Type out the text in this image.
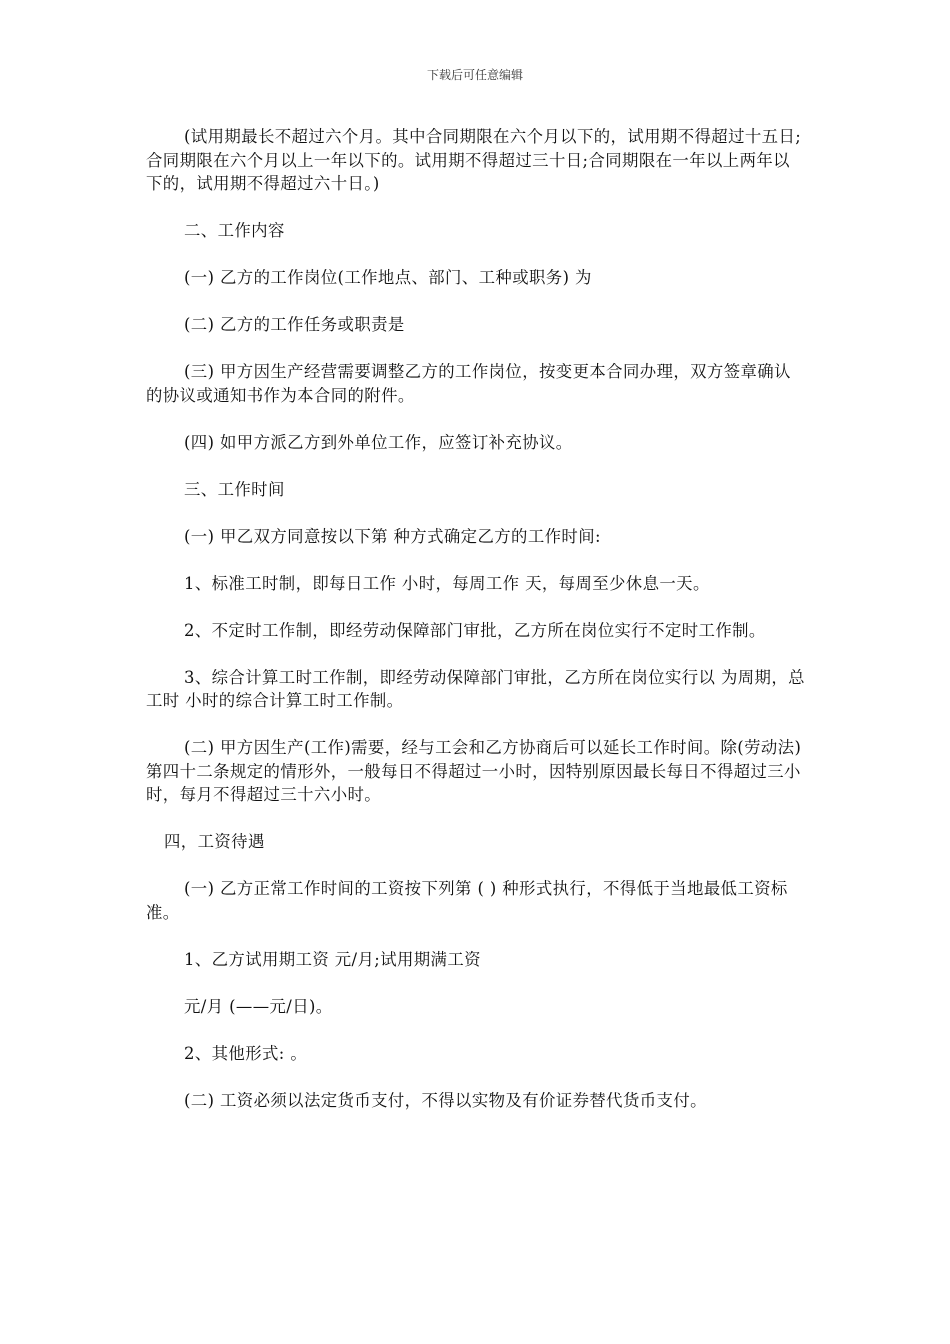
下载后可任意编辑

(试用期最长不超过六个月。其中合同期限在六个月以下的，试用期不得超过十五日;合同期限在六个月以上一年以下的。试用期不得超过三十日;合同期限在一年以上两年以下的，试用期不得超过六十日。)

二、工作内容

(一) 乙方的工作岗位(工作地点、部门、工种或职务) 为

(二) 乙方的工作任务或职责是

(三) 甲方因生产经营需要调整乙方的工作岗位，按变更本合同办理，双方签章确认的协议或通知书作为本合同的附件。

(四) 如甲方派乙方到外单位工作，应签订补充协议。

三、工作时间

(一) 甲乙双方同意按以下第 种方式确定乙方的工作时间:

1、标准工时制，即每日工作 小时，每周工作 天，每周至少休息一天。

2、不定时工作制，即经劳动保障部门审批，乙方所在岗位实行不定时工作制。

3、综合计算工时工作制，即经劳动保障部门审批，乙方所在岗位实行以 为周期，总工时 小时的综合计算工时工作制。

(二) 甲方因生产(工作)需要，经与工会和乙方协商后可以延长工作时间。除(劳动法)第四十二条规定的情形外，一般每日不得超过一小时，因特别原因最长每日不得超过三小时，每月不得超过三十六小时。

四，工资待遇

(一) 乙方正常工作时间的工资按下列第 ( ) 种形式执行，不得低于当地最低工资标准。

1、乙方试用期工资 元/月;试用期满工资

元/月 (——元/日)。

2、其他形式: 。

(二) 工资必须以法定货币支付，不得以实物及有价证券替代货币支付。
